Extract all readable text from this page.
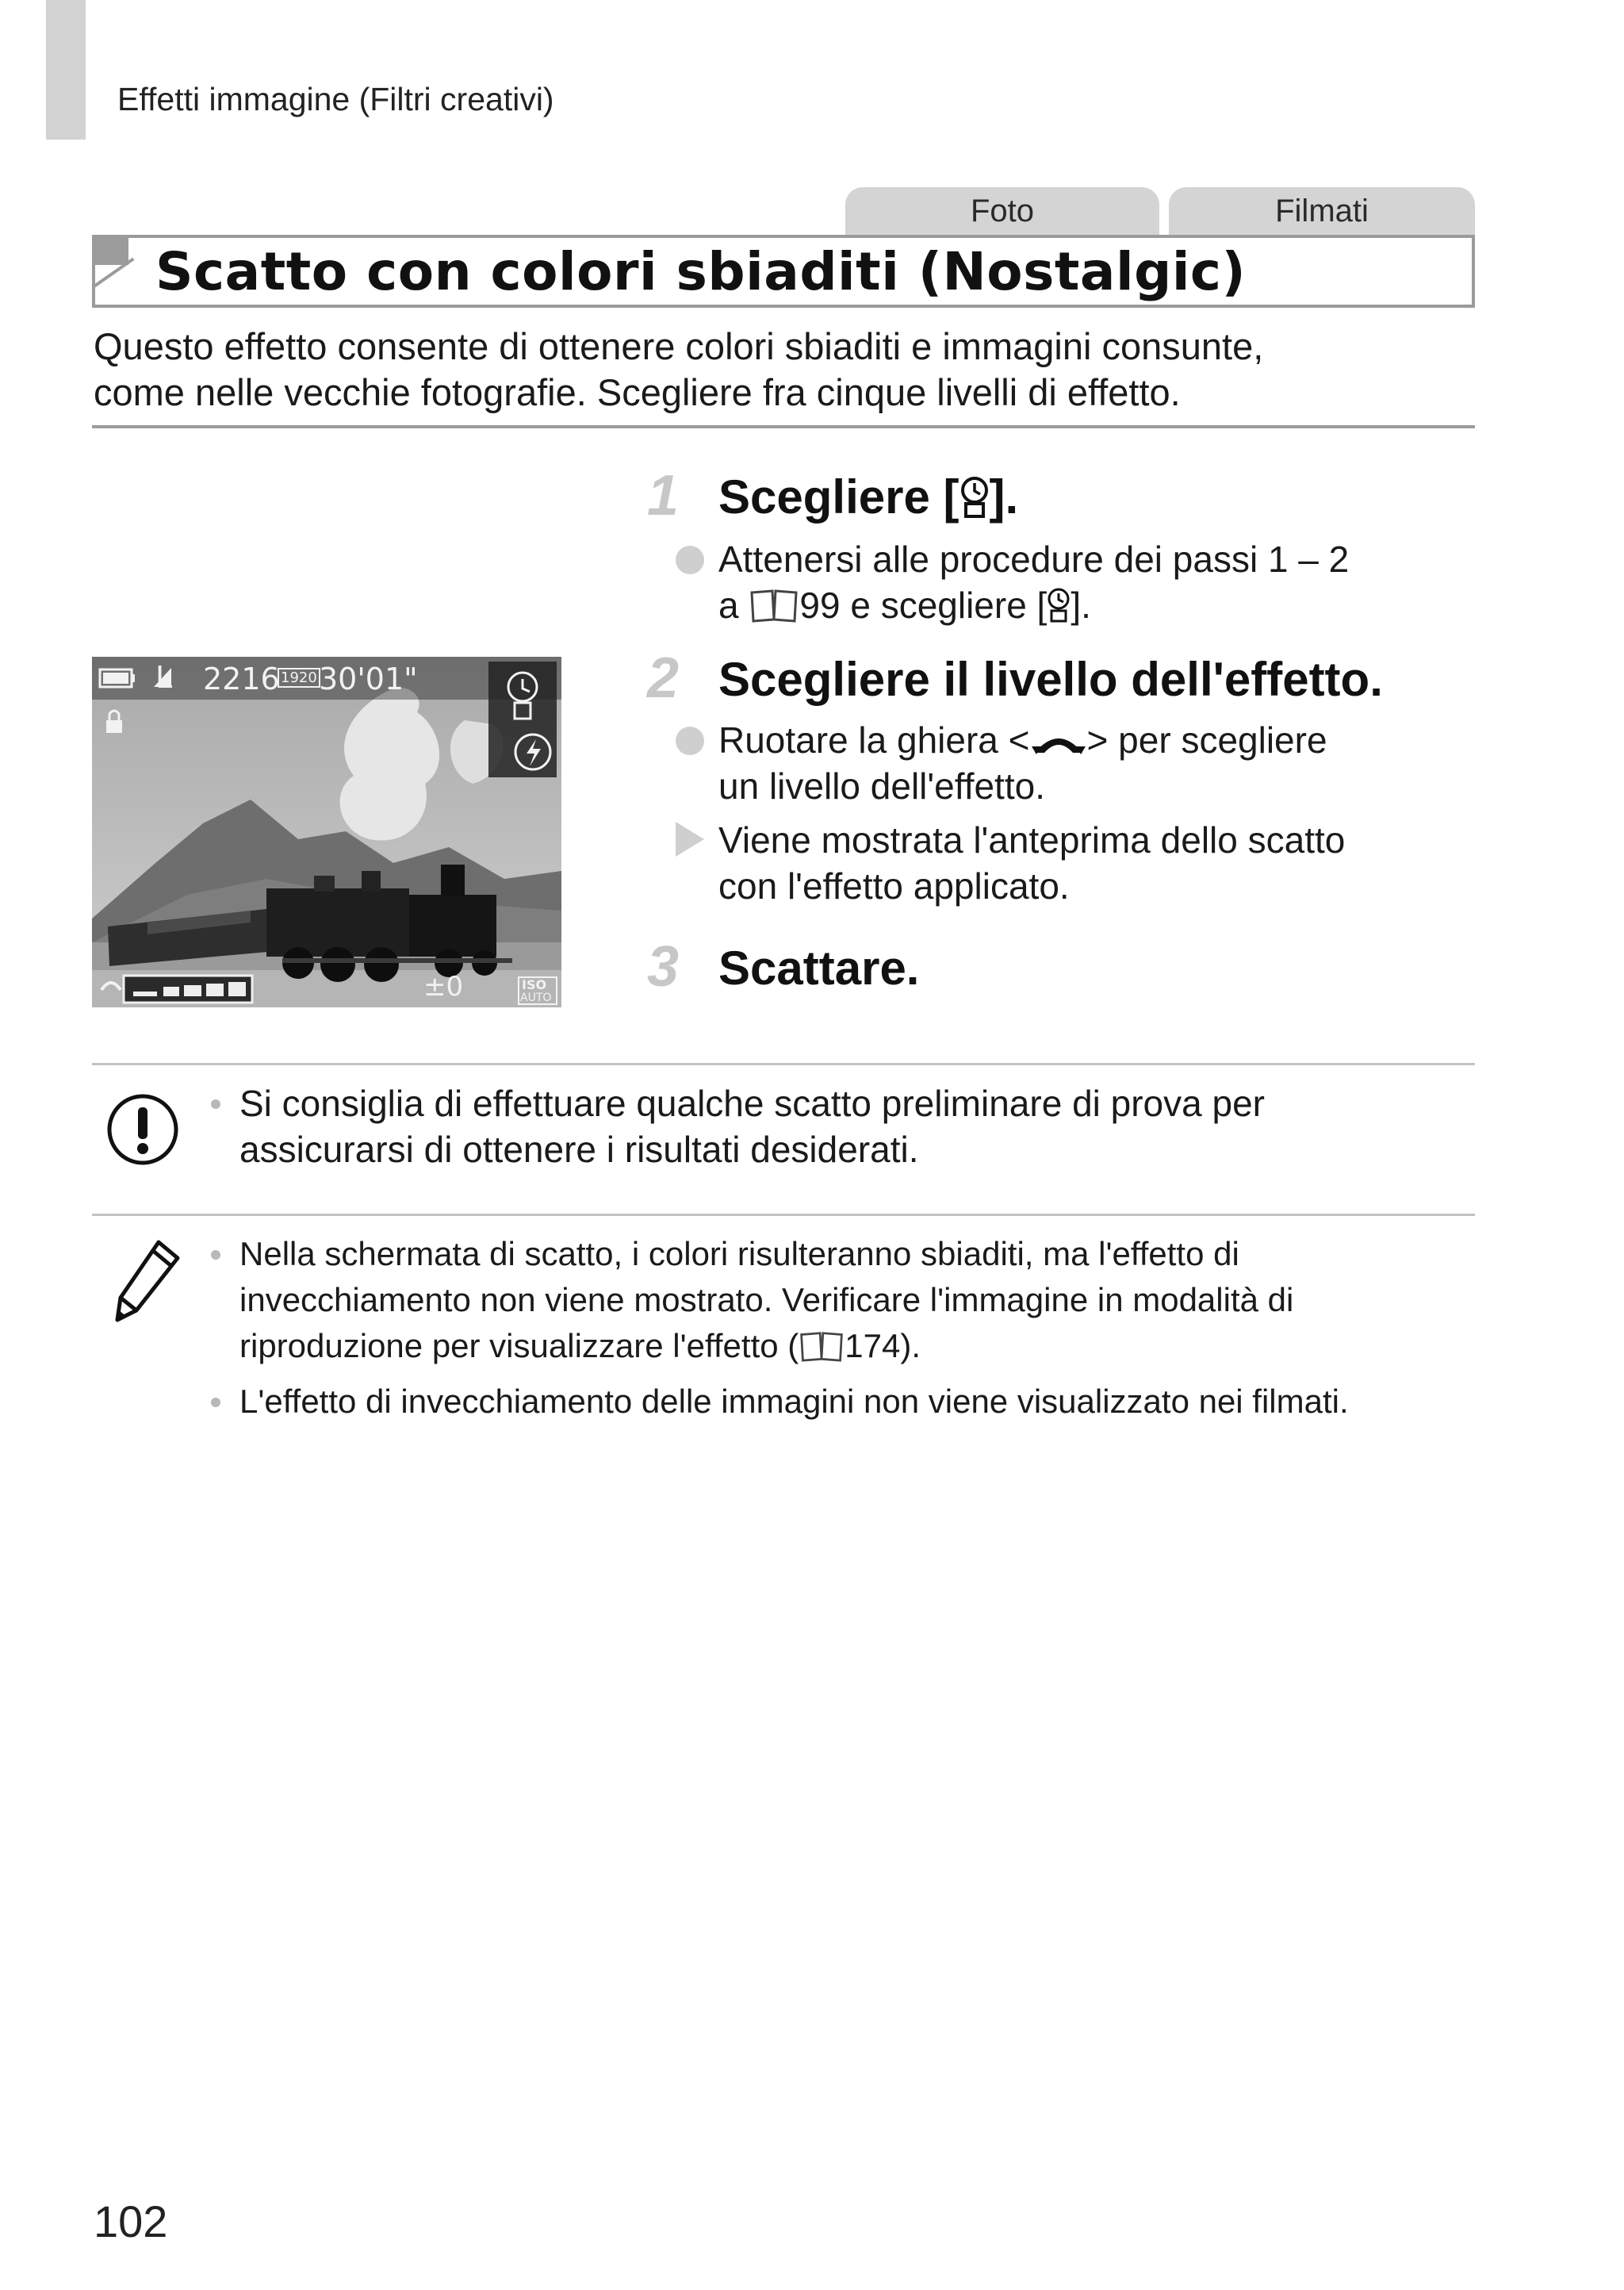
Effetti immagine (Filtri creativi)
Foto	Filmati
Scatto con colori sbiaditi (Nostalgic)
Questo effetto consente di ottenere colori sbiaditi e immagini consunte,
come nelle vecchie fotografie. Scegliere fra cinque livelli di effetto.
L 2216 1920 30'01"
±0	ISO
AUTO
1 Scegliere [ ].
Attenersi alle procedure dei passi 1 – 2
a 99 e scegliere [ ].
2 Scegliere il livello dell'effetto.
Ruotare la ghiera < > per scegliere
un livello dell'effetto.
Viene mostrata l'anteprima dello scatto
con l'effetto applicato.
3 Scattare.
Si consiglia di effettuare qualche scatto preliminare di prova per
assicurarsi di ottenere i risultati desiderati.
Nella schermata di scatto, i colori risulteranno sbiaditi, ma l'effetto di
invecchiamento non viene mostrato. Verificare l'immagine in modalità di
riproduzione per visualizzare l'effetto ( 174).
L'effetto di invecchiamento delle immagini non viene visualizzato nei filmati.
102
